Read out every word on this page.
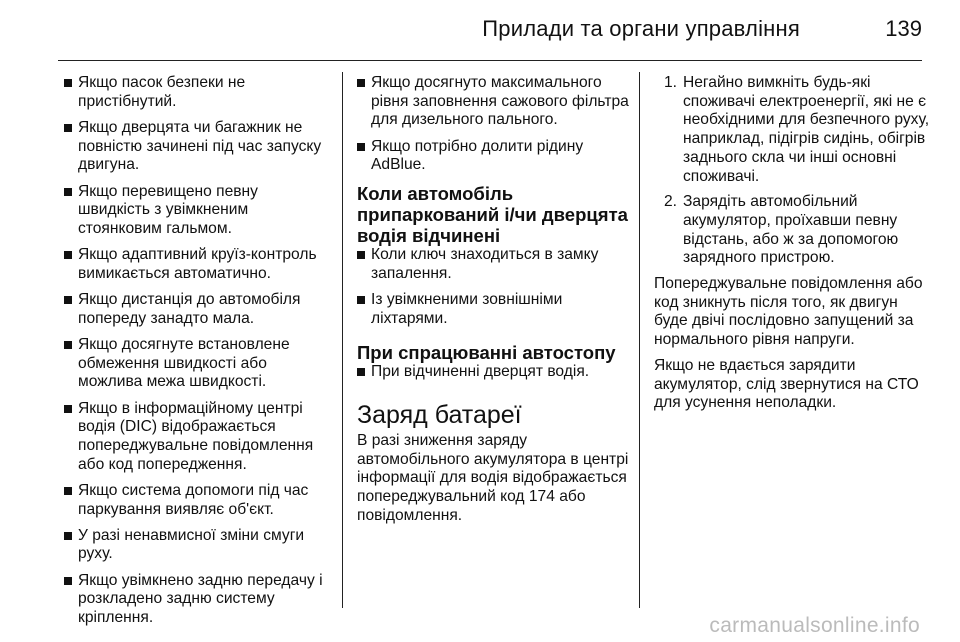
Прилади та органи управління	139
Якщо пасок безпеки не пристібнутий.
Якщо дверцята чи багажник не повністю зачинені під час запуску двигуна.
Якщо перевищено певну швидкість з увімкненим стоянковим гальмом.
Якщо адаптивний круїз-контроль вимикається автоматично.
Якщо дистанція до автомобіля попереду занадто мала.
Якщо досягнуте встановлене обмеження швидкості або можлива межа швидкості.
Якщо в інформаційному центрі водія (DIC) відображається попереджувальне повідомлення або код попередження.
Якщо система допомоги під час паркування виявляє об'єкт.
У разі ненавмисної зміни смуги руху.
Якщо увімкнено задню передачу і розкладено задню систему кріплення.
Якщо досягнуто максимального рівня заповнення сажового фільтра для дизельного пального.
Якщо потрібно долити рідину AdBlue.
Коли автомобіль припаркований і/чи дверцята водія відчинені
Коли ключ знаходиться в замку запалення.
Із увімкненими зовнішніми ліхтарями.
При спрацюванні автостопу
При відчиненні дверцят водія.
Заряд батареї

В разі зниження заряду автомобільного акумулятора в центрі інформації для водія відображається попереджувальний код 174 або повідомлення.

1. Негайно вимкніть будь-які споживачі електроенергії, які не є необхідними для безпечного руху, наприклад, підігрів сидінь, обігрів заднього скла чи інші основні споживачі.
2. Зарядіть автомобільний акумулятор, проїхавши певну відстань, або ж за допомогою зарядного пристрою.

Попереджувальне повідомлення або код зникнуть після того, як двигун буде двічі послідовно запущений за нормального рівня напруги.

Якщо не вдається зарядити акумулятор, слід звернутися на СТО для усунення неполадки.

carmanualsonline.info
